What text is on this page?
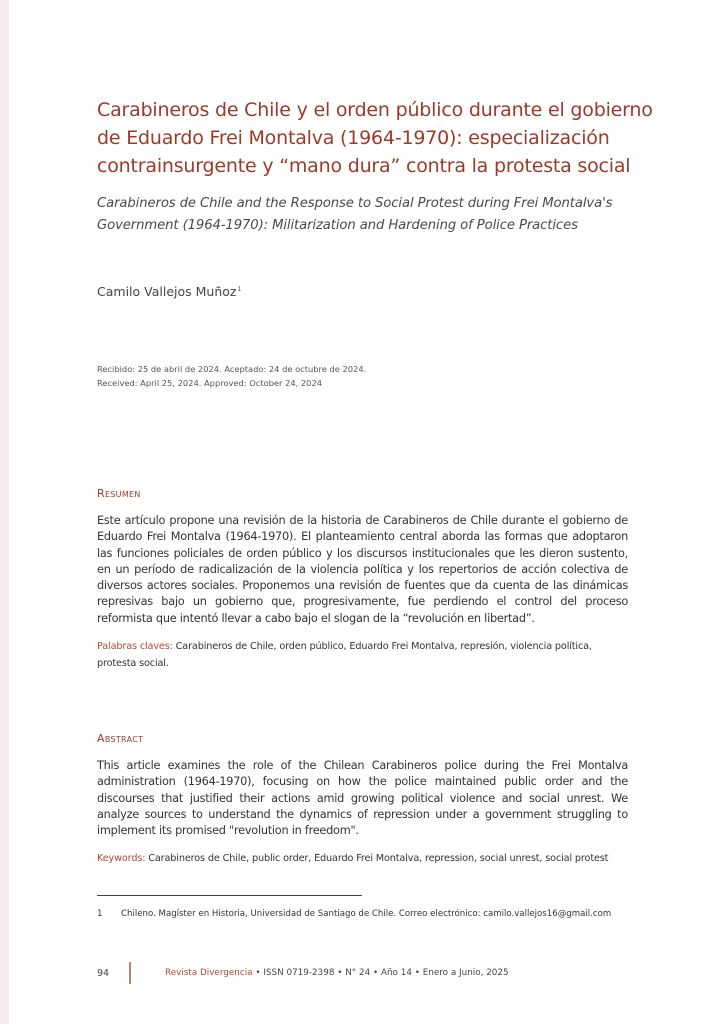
Carabineros de Chile y el orden público durante el gobierno de Eduardo Frei Montalva (1964-1970): especialización contrainsurgente y “mano dura” contra la protesta social

Carabineros de Chile and the Response to Social Protest during Frei Montalva's Government (1964-1970): Militarization and Hardening of Police Practices

Camilo Vallejos Muñoz$^1$
Recibido: 25 de abril de 2024. Aceptado: 24 de octubre de 2024.
Received: April 25, 2024. Approved: October 24, 2024
Resumen

Este artículo propone una revisión de la historia de Carabineros de Chile durante el gobierno de Eduardo Frei Montalva (1964-1970). El planteamiento central aborda las formas que adoptaron las funciones policiales de orden público y los discursos institucionales que les dieron sustento, en un período de radicalización de la violencia política y los repertorios de acción colectiva de diversos actores sociales. Proponemos una revisión de fuentes que da cuenta de las dinámicas represivas bajo un gobierno que, progresivamente, fue perdiendo el control del proceso reformista que intentó llevar a cabo bajo el slogan de la “revolución en libertad”.

Palabras claves: Carabineros de Chile, orden público, Eduardo Frei Montalva, represión, violencia política, protesta social.

Abstract

This article examines the role of the Chilean Carabineros police during the Frei Montalva administration (1964-1970), focusing on how the police maintained public order and the discourses that justified their actions amid growing political violence and social unrest. We analyze sources to understand the dynamics of repression under a government struggling to implement its promised "revolution in freedom".

Keywords: Carabineros de Chile, public order, Eduardo Frei Montalva, repression, social unrest, social protest

1 Chileno. Magíster en Historia, Universidad de Santiago de Chile. Correo electrónico: camilo.vallejos16@gmail.com
94	Revista Divergencia • ISSN 0719-2398 • N° 24 • Año 14 • Enero a Junio, 2025
